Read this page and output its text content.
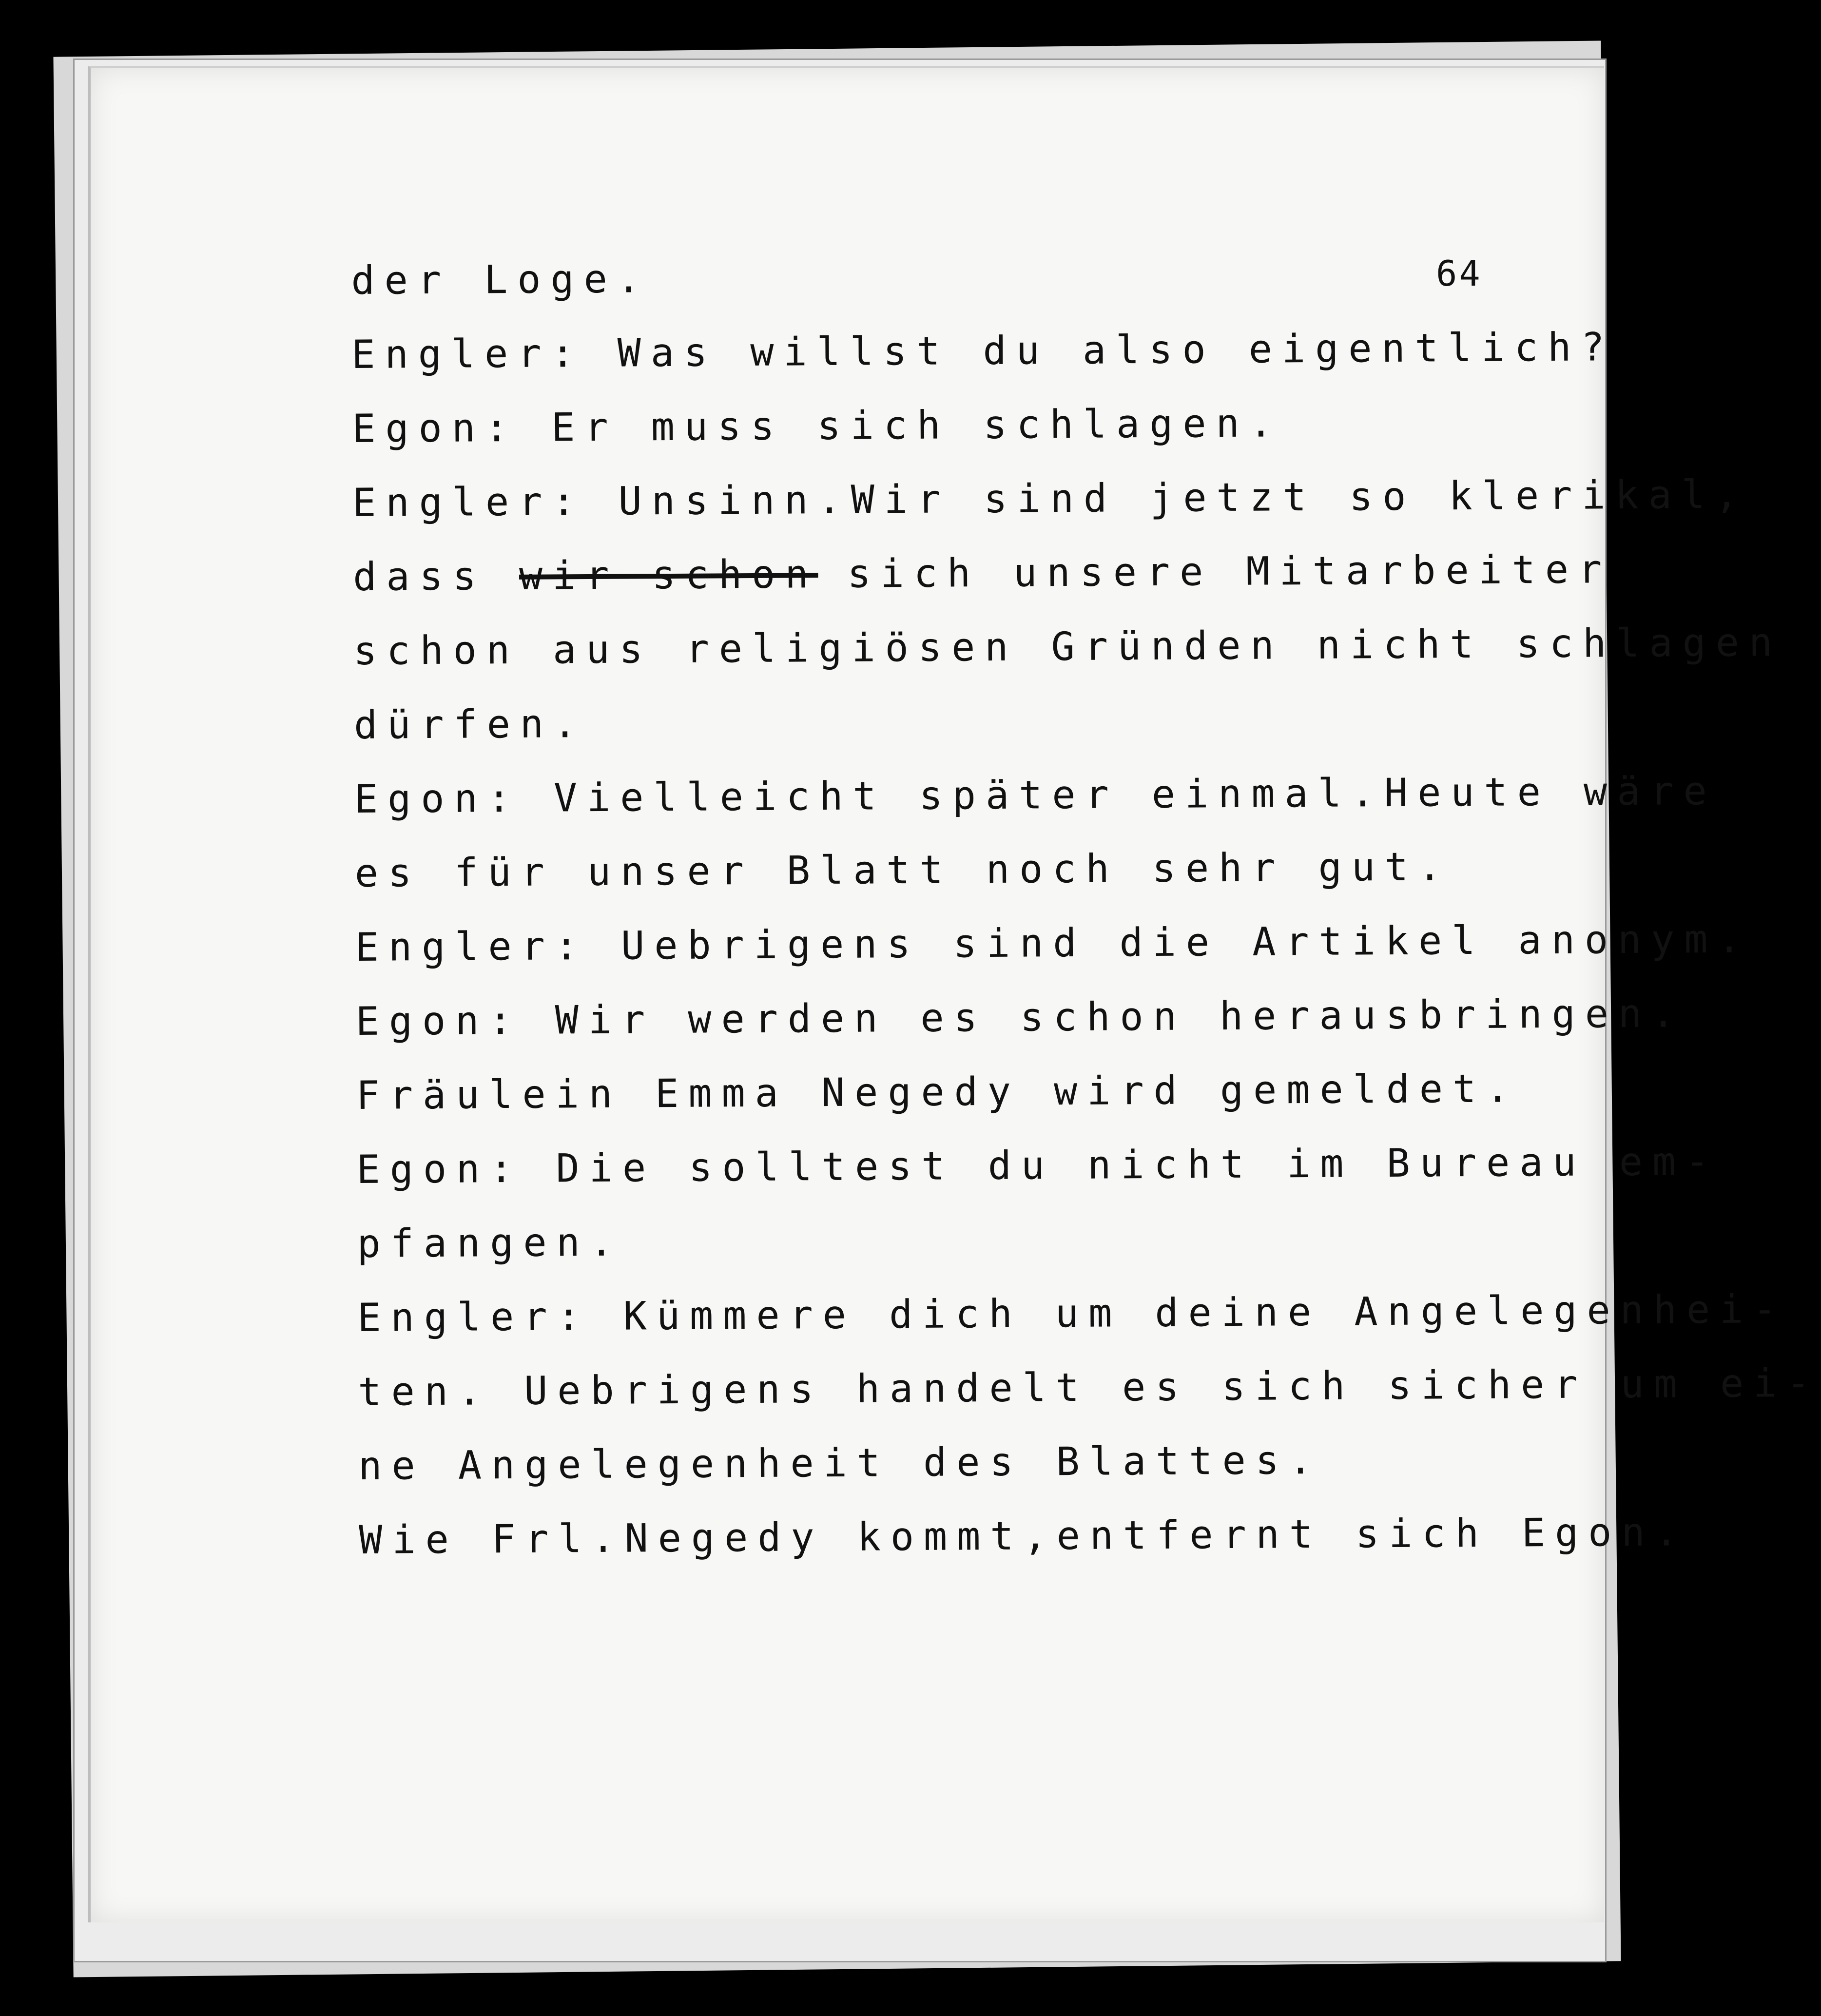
64
der Loge.
Engler: Was willst du also eigentlich?
Egon: Er muss sich schlagen.
Engler: Unsinn.Wir sind jetzt so klerikal,
dass wir schon sich unsere Mitarbeiter
schon aus religiösen Gründen nicht schlagen
dürfen.
Egon: Vielleicht später einmal.Heute wäre
es für unser Blatt noch sehr gut.
Engler: Uebrigens sind die Artikel anonym.
Egon: Wir werden es schon herausbringen.
Fräulein Emma Negedy wird gemeldet.
Egon: Die solltest du nicht im Bureau em-
pfangen.
Engler: Kümmere dich um deine Angelegenhei-
ten. Uebrigens handelt es sich sicher um ei-
ne Angelegenheit des Blattes.
Wie Frl.Negedy kommt,entfernt sich Egon.
